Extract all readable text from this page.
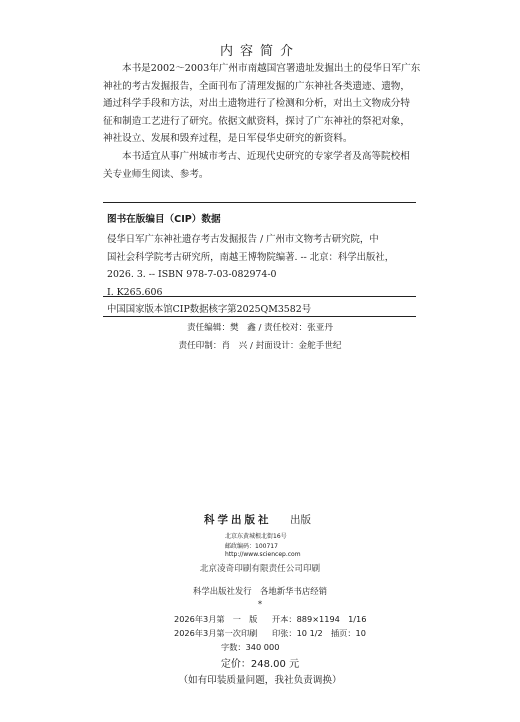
内容简介
本书是2002～2003年广州市南越国宫署遗址发掘出土的侵华日军广东
神社的考古发掘报告，全面刊布了清理发掘的广东神社各类遗迹、遗物，
通过科学手段和方法，对出土遗物进行了检测和分析，对出土文物成分特
征和制造工艺进行了研究。依据文献资料，探讨了广东神社的祭祀对象，
神社设立、发展和毁弃过程，是日军侵华史研究的新资料。
本书适宜从事广州城市考古、近现代史研究的专家学者及高等院校相
关专业师生阅读、参考。
图书在版编目（CIP）数据
侵华日军广东神社遗存考古发掘报告 / 广州市文物考古研究院，中
国社会科学院考古研究所，南越王博物院编著. -- 北京：科学出版社，
2026. 3. -- ISBN 978-7-03-082974-0
Ⅰ. K265.606
中国国家版本馆CIP数据核字第2025QM3582号
责任编辑：樊　鑫 / 责任校对：张亚丹
责任印制：肖　兴 / 封面设计：金舵手世纪
科学出版社 出版
北京东黄城根北街16号
邮政编码：100717
http://www.sciencep.com
北京凌奇印刷有限责任公司印刷
科学出版社发行　各地新华书店经销
*
2026年3月第　一　版 开本：889×1194　1/16
2026年3月第一次印刷 印张：10 1/2　插页：10
字数：340 000
定价：248.00 元
（如有印装质量问题，我社负责调换）
